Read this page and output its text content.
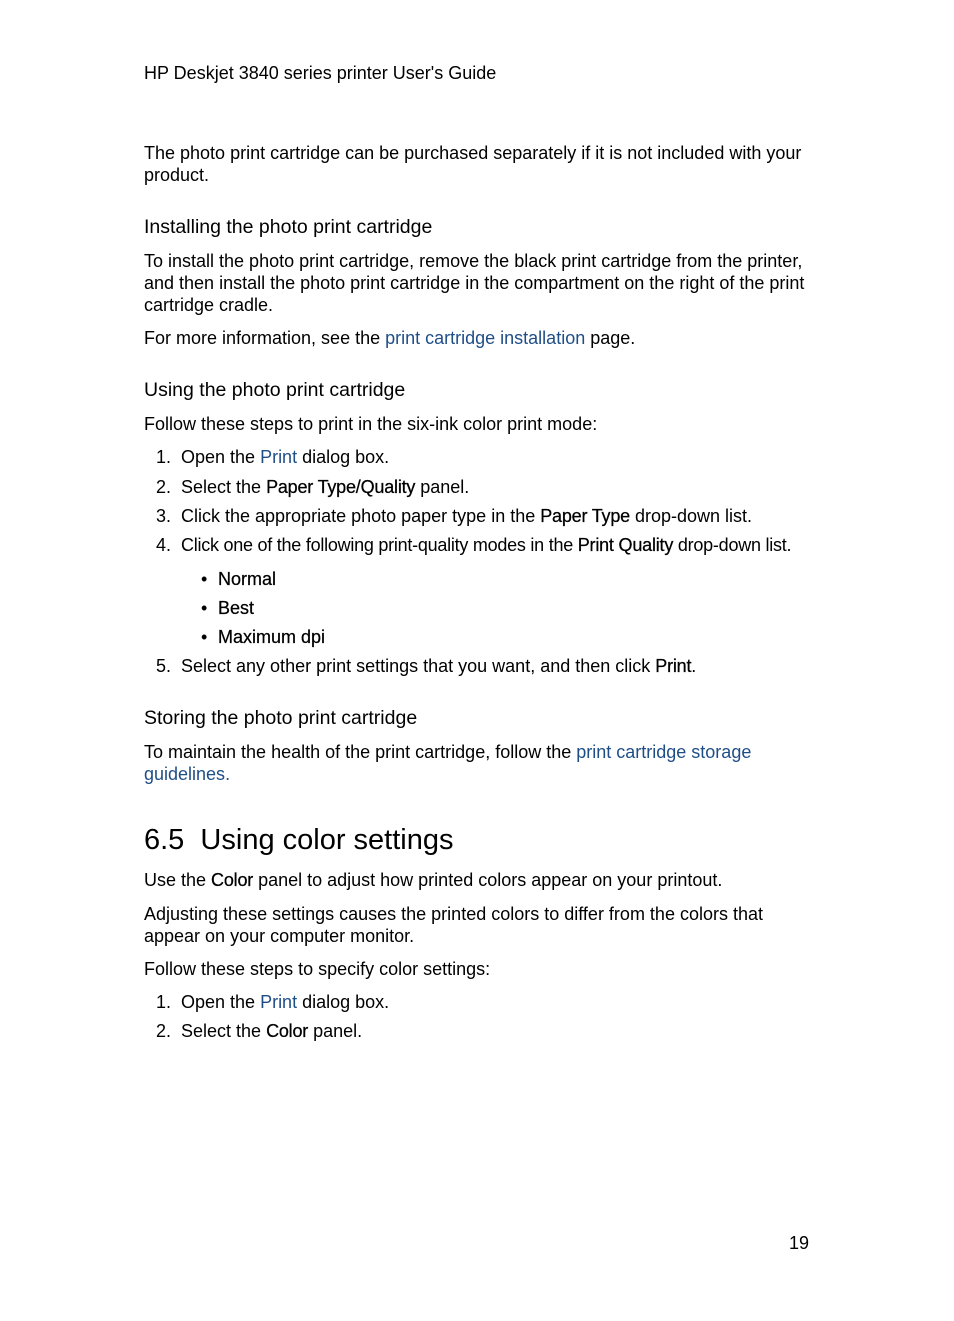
HP Deskjet 3840 series printer User's Guide
The photo print cartridge can be purchased separately if it is not included with your product.
Installing the photo print cartridge
To install the photo print cartridge, remove the black print cartridge from the printer, and then install the photo print cartridge in the compartment on the right of the print cartridge cradle.
For more information, see the print cartridge installation page.
Using the photo print cartridge
Follow these steps to print in the six-ink color print mode:
1. Open the Print dialog box.
2. Select the Paper Type/Quality panel.
3. Click the appropriate photo paper type in the Paper Type drop-down list.
4. Click one of the following print-quality modes in the Print Quality drop-down list.
• Normal
• Best
• Maximum dpi
5. Select any other print settings that you want, and then click Print.
Storing the photo print cartridge
To maintain the health of the print cartridge, follow the print cartridge storage
guidelines.
6.5  Using color settings
Use the Color panel to adjust how printed colors appear on your printout.
Adjusting these settings causes the printed colors to differ from the colors that appear on your computer monitor.
Follow these steps to specify color settings:
1. Open the Print dialog box.
2. Select the Color panel.
19
